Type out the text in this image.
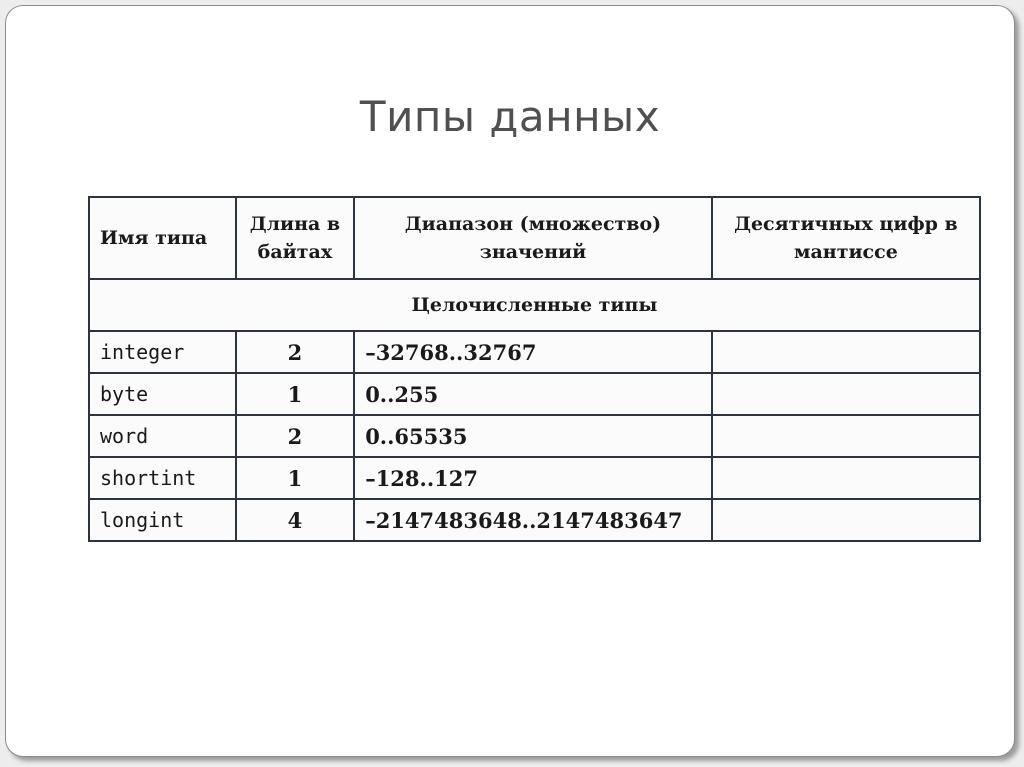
Типы данных
Имя типа	Длина в байтах	Диапазон (множество) значений	Десятичных цифр в мантиссе
Целочисленные типы			
integer	2	–32768..32767	
byte	1	0..255	
word	2	0..65535	
shortint	1	–128..127	
longint	4	–2147483648..2147483647	
